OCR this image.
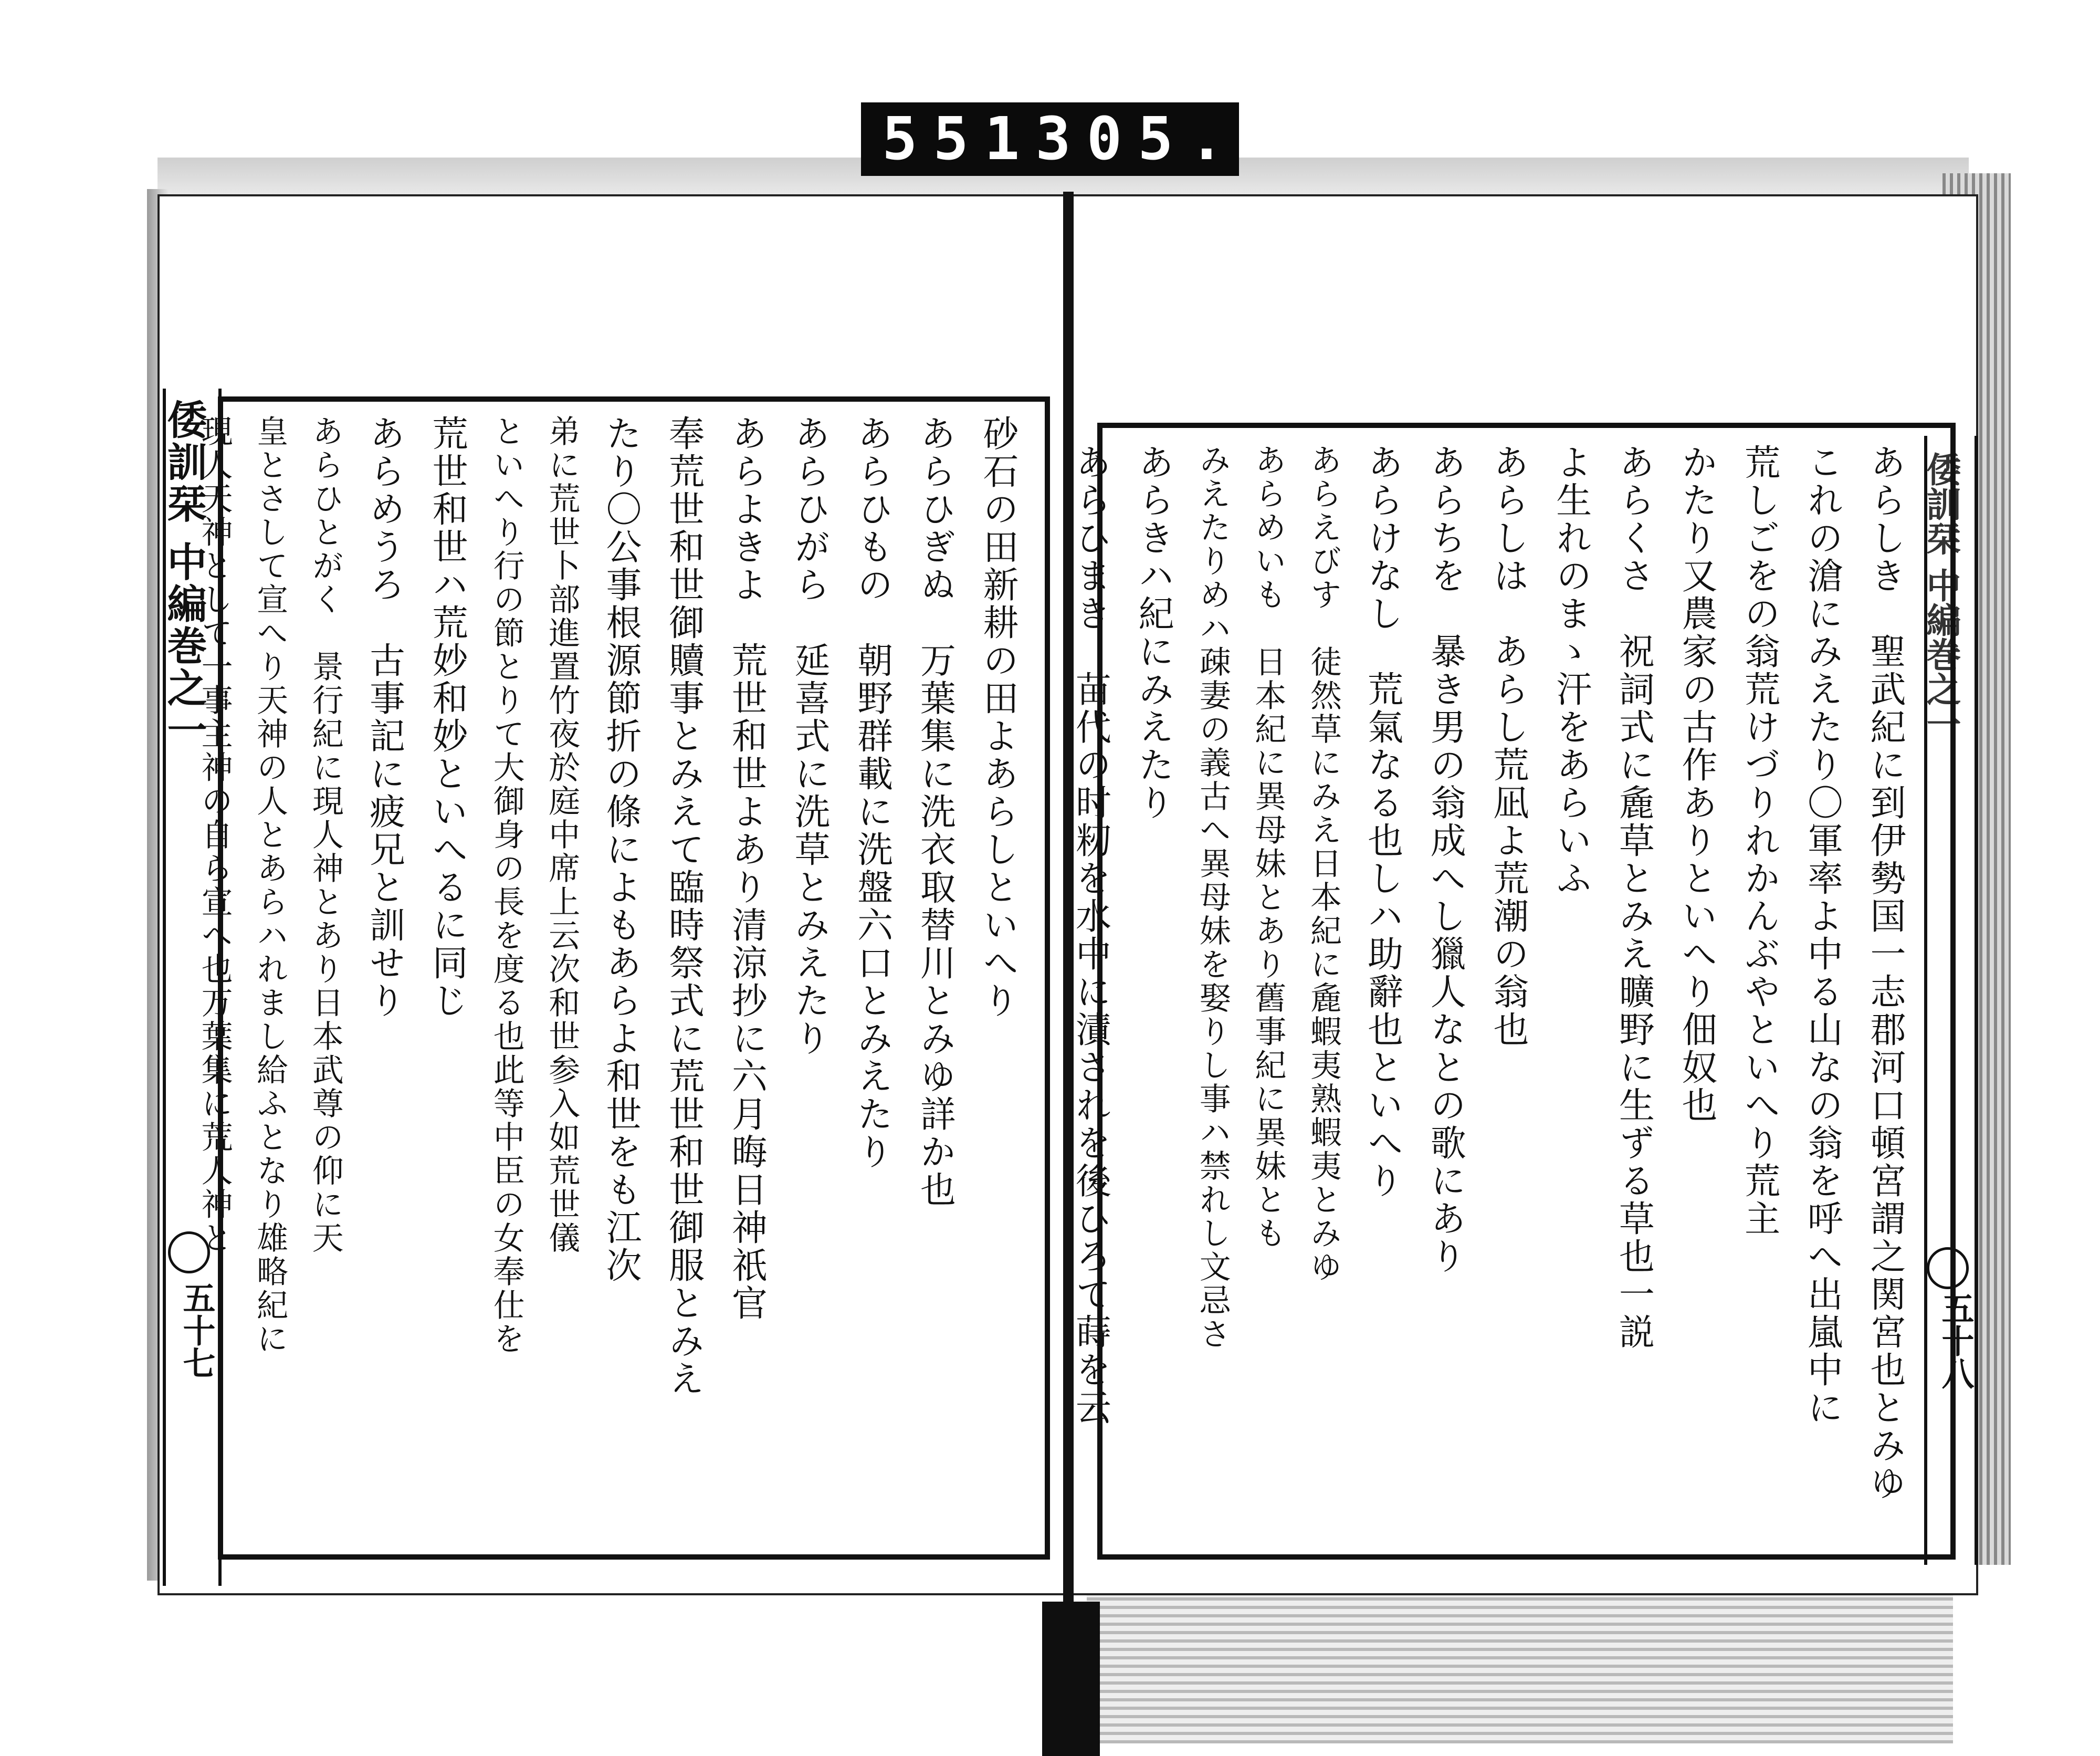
551 305.
倭訓栞 中編巻之一
五十七
砂石の田新耕の田よあらしといへり
あらひぎぬ　万葉集に洗衣取替川とみゆ詳か也
あらひもの　朝野群載に洗盤六口とみえたり
あらひがら　延喜式に洗草とみえたり
あらよきよ　荒世和世よあり清涼抄に六月晦日神祇官
奉荒世和世御贖事とみえて臨時祭式に荒世和世御服とみえ
たり〇公事根源節折の條によもあらよ和世をも江次
弟に荒世卜部進置竹夜於庭中席上云次和世参入如荒世儀
といへり行の節とりて大御身の長を度る也此等中臣の女奉仕を
荒世和世ハ荒妙和妙といへるに同じ
あらめうろ　古事記に疲兄と訓せり
あらひとがく　景行紀に現人神とあり日本武尊の仰に天
皇とさして宣へり天神の人とあらハれまし給ふとなり雄略紀に
現人天神として一事主神の自ら宣へ也万葉集に荒人神と	倭訓栞 中編巻之一
五十八
あらしき　聖武紀に到伊勢国一志郡河口頓宮謂之関宮也とみゆ
これの滄にみえたり〇軍率よ中る山なの翁を呼へ出嵐中に
荒しごをの翁荒けづりれかんぶやといへり荒主
かたり又農家の古作ありといへり佃奴也
あらくさ　祝詞式に麁草とみえ曠野に生ずる草也一説
よ生れのまゝ汗をあらいふ
あらしは　あらし荒凪よ荒潮の翁也
あらちを　暴き男の翁成へし獵人なとの歌にあり
あらけなし　荒氣なる也しハ助辭也といへり
あらえびす　徒然草にみえ日本紀に麁蝦夷熟蝦夷とみゆ
あらめいも　日本紀に異母妹とあり舊事紀に異妹とも
みえたりめハ疎妻の義古へ異母妹を娶りし事ハ禁れし文忌さ
あらきハ紀にみえたり
あらひまき　苗代の时籾を水中に漬されを後ひろて蒔を云
